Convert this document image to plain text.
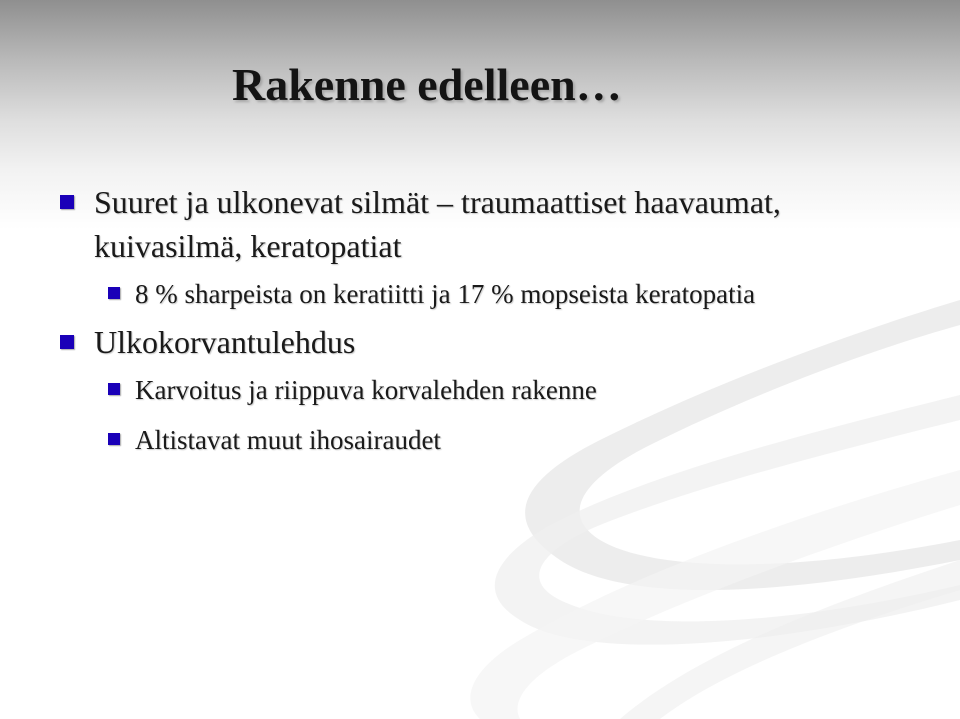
Rakenne edelleen…
Suuret ja ulkonevat silmät – traumaattiset haavaumat, kuivasilmä, keratopatiat
8 % sharpeista on keratiitti ja 17 % mopseista keratopatia
Ulkokorvantulehdus
Karvoitus ja riippuva korvalehden rakenne
Altistavat muut ihosairaudet
